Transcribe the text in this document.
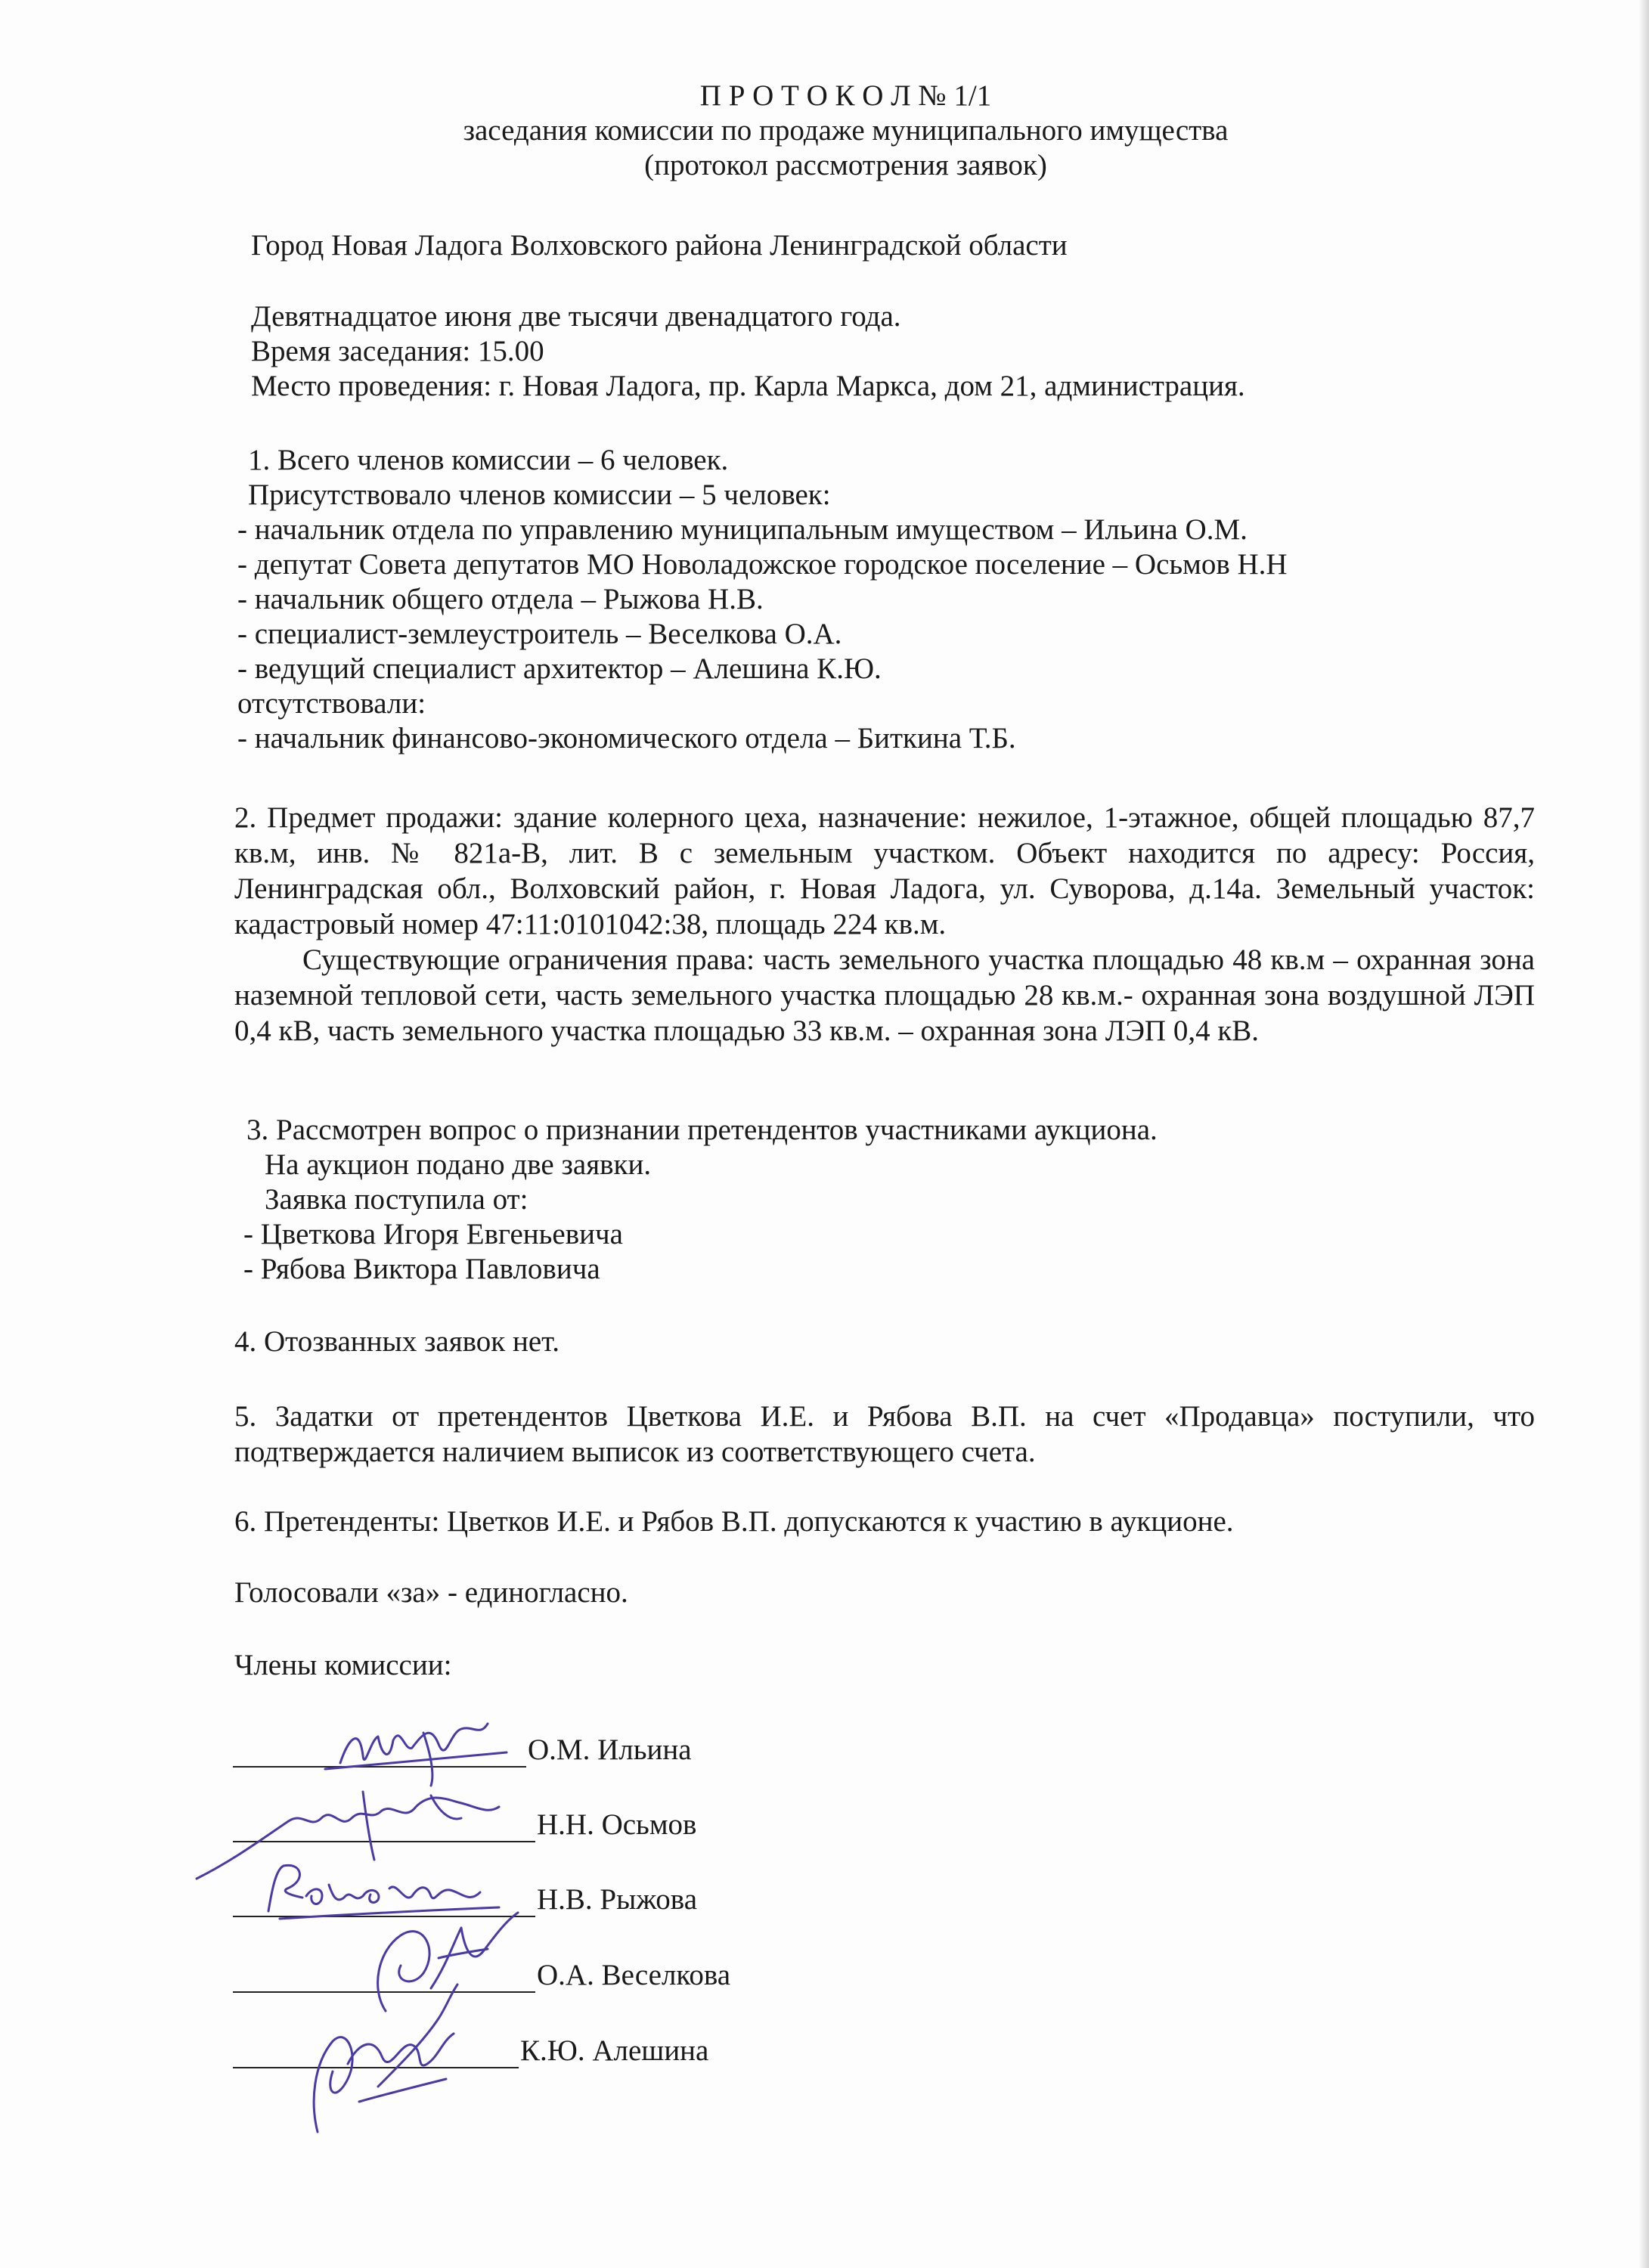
П Р О Т О К О Л № 1/1
заседания комиссии по продаже муниципального имущества
(протокол рассмотрения заявок)
Город Новая Ладога Волховского района Ленинградской области
Девятнадцатое июня две тысячи двенадцатого года.
Время заседания: 15.00
Место проведения: г. Новая Ладога, пр. Карла Маркса, дом 21, администрация.
1. Всего членов комиссии – 6 человек.
Присутствовало членов комиссии – 5 человек:
- начальник отдела по управлению муниципальным имуществом – Ильина О.М.
- депутат Совета депутатов МО Новоладожское городское поселение – Осьмов Н.Н
- начальник общего отдела – Рыжова Н.В.
- специалист-землеустроитель – Веселкова О.А.
- ведущий специалист архитектор – Алешина К.Ю.
отсутствовали:
- начальник финансово-экономического отдела – Биткина Т.Б.
2. Предмет продажи: здание колерного цеха, назначение: нежилое, 1-этажное, общей площадью 87,7 кв.м, инв. № 821а-В, лит. В с земельным участком. Объект находится по адресу: Россия, Ленинградская обл., Волховский район, г. Новая Ладога, ул. Суворова, д.14а. Земельный участок: кадастровый номер 47:11:0101042:38, площадь 224 кв.м.
Существующие ограничения права: часть земельного участка площадью 48 кв.м – охранная зона наземной тепловой сети, часть земельного участка площадью 28 кв.м.- охранная зона воздушной ЛЭП 0,4 кВ, часть земельного участка площадью 33 кв.м. – охранная зона ЛЭП 0,4 кВ.
3. Рассмотрен вопрос о признании претендентов участниками аукциона.
На аукцион подано две заявки.
Заявка поступила от:
- Цветкова Игоря Евгеньевича
- Рябова Виктора Павловича
4. Отозванных заявок нет.
5. Задатки от претендентов Цветкова И.Е. и Рябова В.П. на счет «Продавца» поступили, что подтверждается наличием выписок из соответствующего счета.
6. Претенденты: Цветков И.Е. и Рябов В.П. допускаются к участию в аукционе.
Голосовали «за» - единогласно.
Члены комиссии:
О.М. Ильина
Н.Н. Осьмов
Н.В. Рыжова
О.А. Веселкова
К.Ю. Алешина
